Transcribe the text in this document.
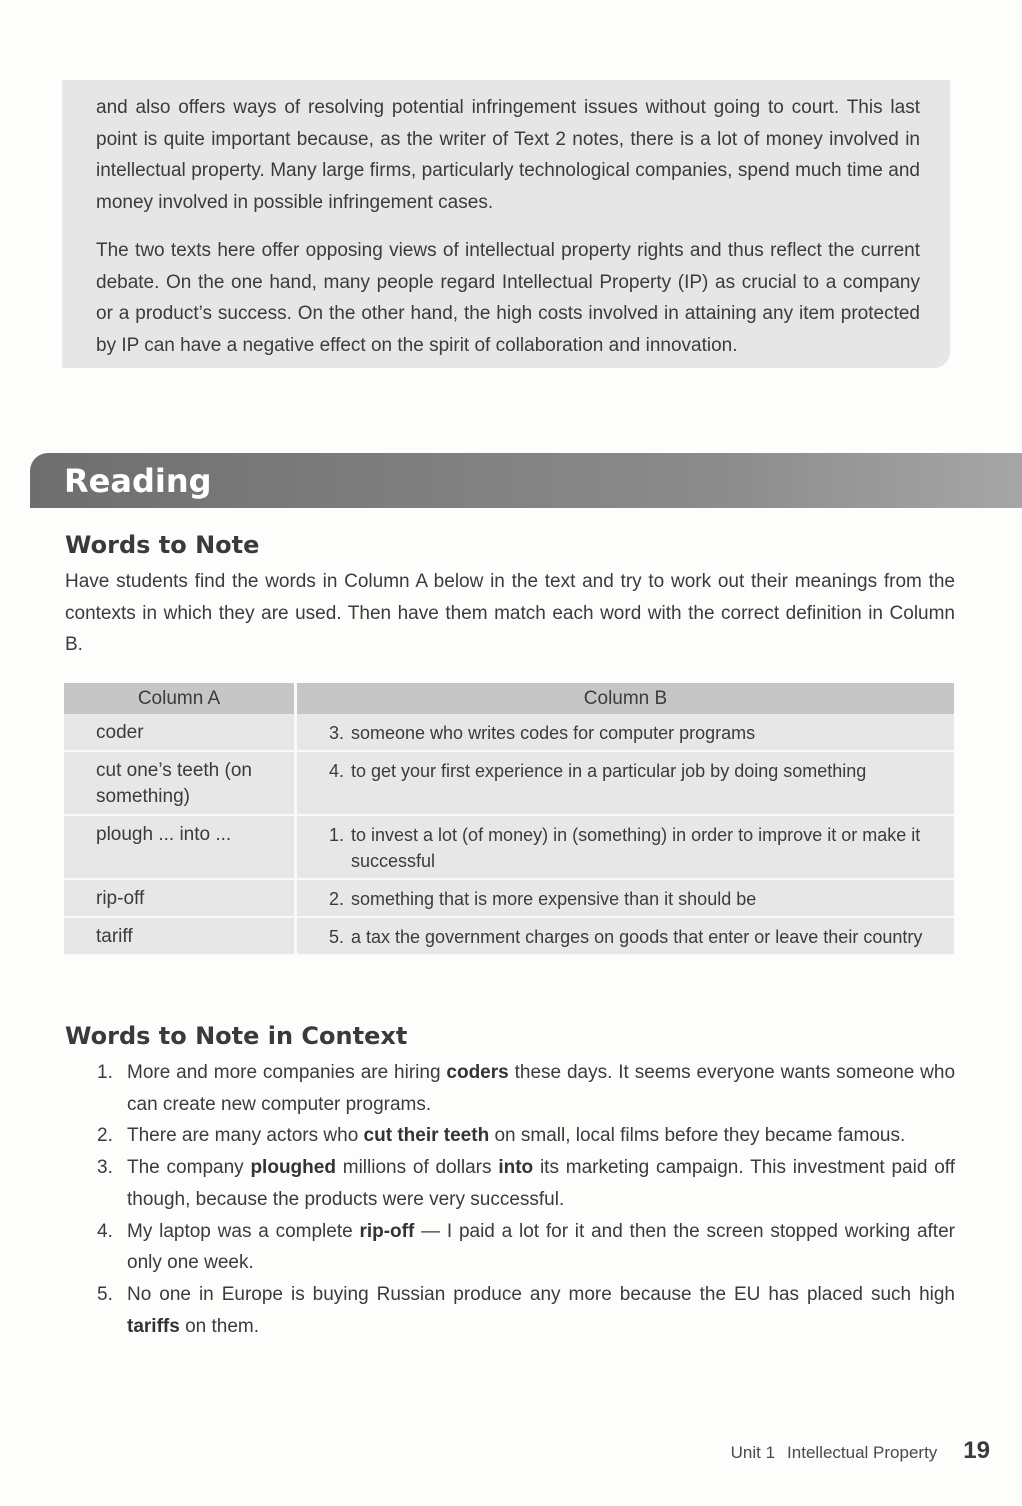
and also offers ways of resolving potential infringement issues without going to court. This last point is quite important because, as the writer of Text 2 notes, there is a lot of money involved in intellectual property. Many large firms, particularly technological companies, spend much time and money involved in possible infringement cases.

The two texts here offer opposing views of intellectual property rights and thus reflect the current debate. On the one hand, many people regard Intellectual Property (IP) as crucial to a company or a product’s success. On the other hand, the high costs involved in attaining any item protected by IP can have a negative effect on the spirit of collaboration and innovation.

Reading
Words to Note

Have students find the words in Column A below in the text and try to work out their meanings from the contexts in which they are used. Then have them match each word with the correct definition in Column B.

Column A	Column B
coder	3. someone who writes codes for computer programs

cut one’s teeth (on something)	4. to get your first experience in a particular job by doing something

plough ... into ...	1. to invest a lot (of money) in (something) in order to improve it or make it successful

rip-off	2. something that is more expensive than it should be

tariff	5. a tax the government charges on goods that enter or leave their country
Words to Note in Context
1. More and more companies are hiring coders these days. It seems everyone wants someone who can create new computer programs.
2. There are many actors who cut their teeth on small, local films before they became famous.
3. The company ploughed millions of dollars into its marketing campaign. This investment paid off though, because the products were very successful.
4. My laptop was a complete rip-off — I paid a lot for it and then the screen stopped working after only one week.
5. No one in Europe is buying Russian produce any more because the EU has placed such high tariffs on them.
Unit 1 Intellectual Property 19
